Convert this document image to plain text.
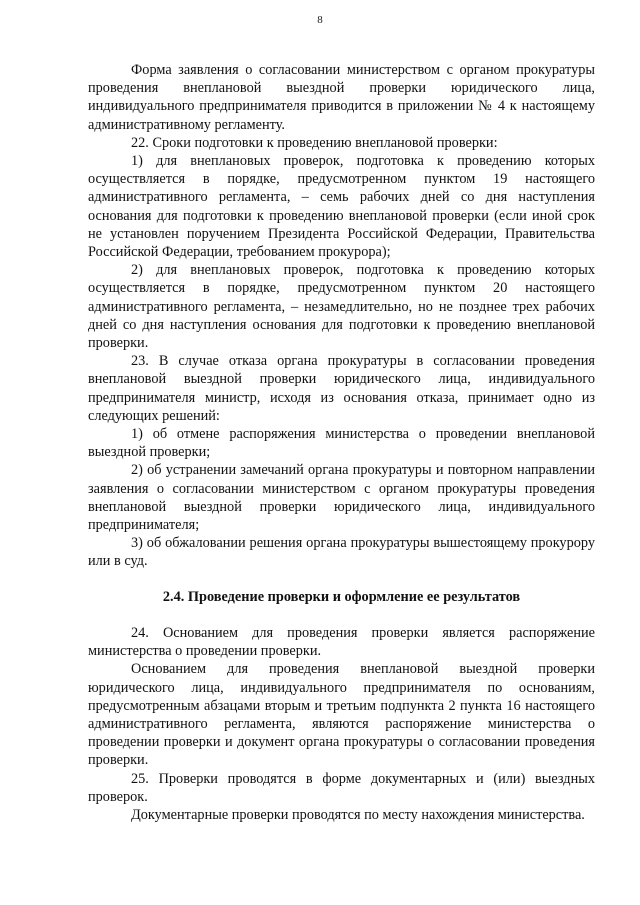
8

Форма заявления о согласовании министерством с органом прокуратуры проведения внеплановой выездной проверки юридического лица, индивидуального предпринимателя приводится в приложении № 4 к настоящему административному регламенту.

22. Сроки подготовки к проведению внеплановой проверки:

1) для внеплановых проверок, подготовка к проведению которых осуществляется в порядке, предусмотренном пунктом 19 настоящего административного регламента, – семь рабочих дней со дня наступления основания для подготовки к проведению внеплановой проверки (если иной срок не установлен поручением Президента Российской Федерации, Правительства Российской Федерации, требованием прокурора);

2) для внеплановых проверок, подготовка к проведению которых осуществляется в порядке, предусмотренном пунктом 20 настоящего административного регламента, – незамедлительно, но не позднее трех рабочих дней со дня наступления основания для подготовки к проведению внеплановой проверки.

23. В случае отказа органа прокуратуры в согласовании проведения внеплановой выездной проверки юридического лица, индивидуального предпринимателя министр, исходя из основания отказа, принимает одно из следующих решений:

1) об отмене распоряжения министерства о проведении внеплановой выездной проверки;

2) об устранении замечаний органа прокуратуры и повторном направлении заявления о согласовании министерством с органом прокуратуры проведения внеплановой выездной проверки юридического лица, индивидуального предпринимателя;

3) об обжаловании решения органа прокуратуры вышестоящему прокурору или в суд.

2.4. Проведение проверки и оформление ее результатов

24. Основанием для проведения проверки является распоряжение министерства о проведении проверки.

Основанием для проведения внеплановой выездной проверки юридического лица, индивидуального предпринимателя по основаниям, предусмотренным абзацами вторым и третьим подпункта 2 пункта 16 настоящего административного регламента, являются распоряжение министерства о проведении проверки и документ органа прокуратуры о согласовании проведения проверки.

25. Проверки проводятся в форме документарных и (или) выездных проверок.

Документарные проверки проводятся по месту нахождения министерства.
